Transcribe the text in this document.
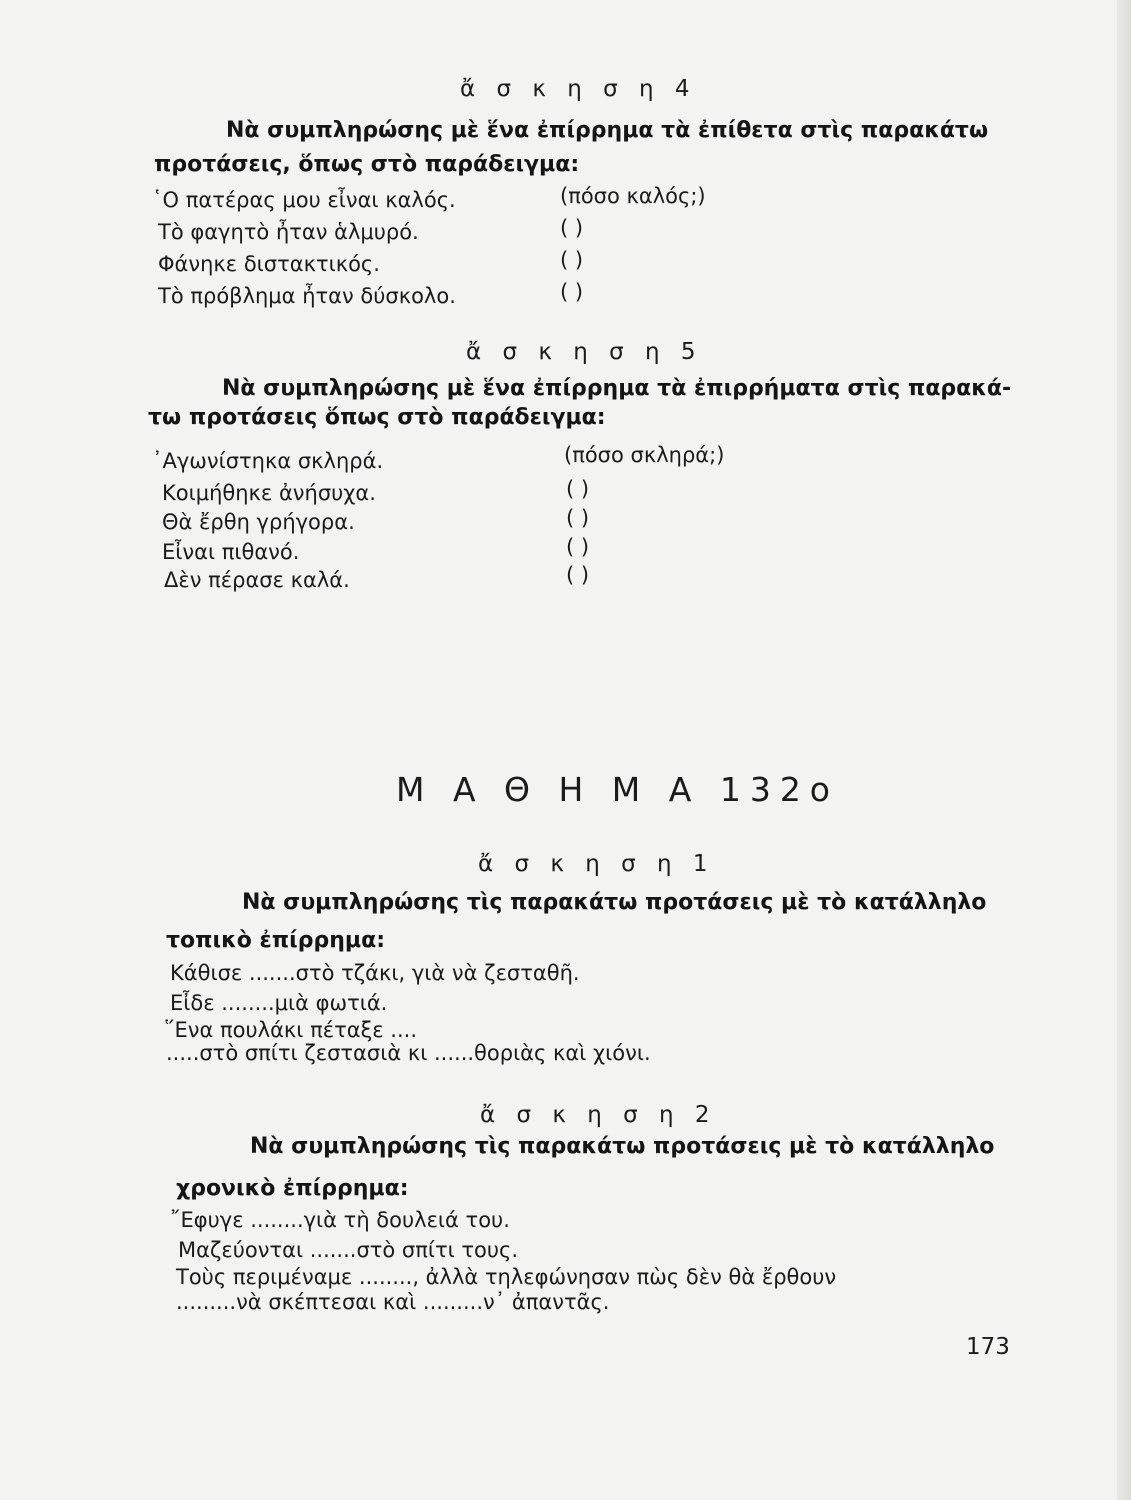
ἄ σ κ η σ η 4
Νὰ συμπληρώσης μὲ ἕνα ἐπίρρημα τὰ ἐπίθετα στὶς παρακάτω
προτάσεις, ὅπως στὸ παράδειγμα:
῾Ο πατέρας μου εἶναι καλός.	(πόσο καλός;)
Τὸ φαγητὸ ἦταν ἁλμυρό.	( )
Φάνηκε διστακτικός.	( )
Τὸ πρόβλημα ἦταν δύσκολο.	( )
ἄ σ κ η σ η 5
Νὰ συμπληρώσης μὲ ἕνα ἐπίρρημα τὰ ἐπιρρήματα στὶς παρακά-
τω προτάσεις ὅπως στὸ παράδειγμα:
᾿Αγωνίστηκα σκληρά.	(πόσο σκληρά;)
Κοιμήθηκε ἀνήσυχα.	( )
Θὰ ἔρθη γρήγορα.	( )
Εἶναι πιθανό.	( )
Δὲν πέρασε καλά.	( )
Μ Α Θ Η Μ Α 132ο
ἄ σ κ η σ η 1
Νὰ συμπληρώσης τὶς παρακάτω προτάσεις μὲ τὸ κατάλληλο
τοπικὸ ἐπίρρημα:
Κάθισε .......στὸ τζάκι, γιὰ νὰ ζεσταθῆ.
Εἶδε ........μιὰ φωτιά.
῞Ενα πουλάκι πέταξε ....
.....στὸ σπίτι ζεστασιὰ κι ......θοριὰς καὶ χιόνι.
ἄ σ κ η σ η 2
Νὰ συμπληρώσης τὶς παρακάτω προτάσεις μὲ τὸ κατάλληλο
χρονικὸ ἐπίρρημα:
῎Εφυγε ........γιὰ τὴ δουλειά του.
Μαζεύονται .......στὸ σπίτι τους.
Τοὺς περιμέναμε ........, ἀλλὰ τηλεφώνησαν πὼς δὲν θὰ ἔρθουν
.........νὰ σκέπτεσαι καὶ .........ν᾿ ἀπαντᾶς.
173
